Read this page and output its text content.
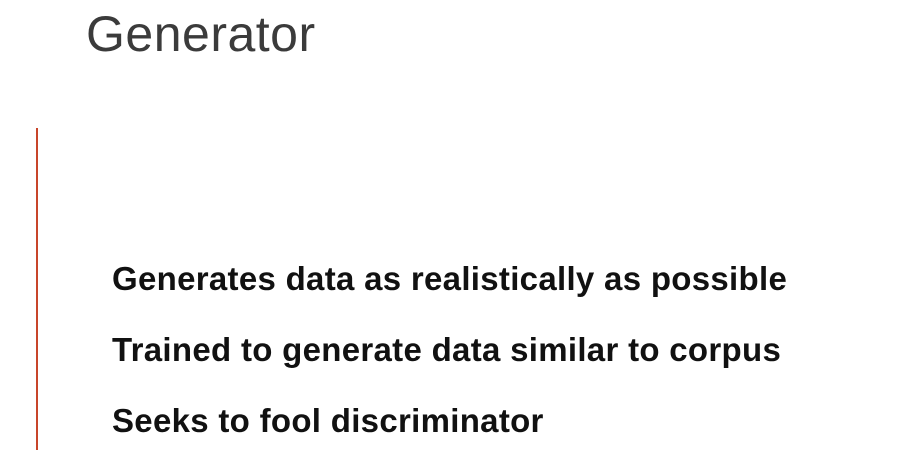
Generator
Generates data as realistically as possible
Trained to generate data similar to corpus
Seeks to fool discriminator
